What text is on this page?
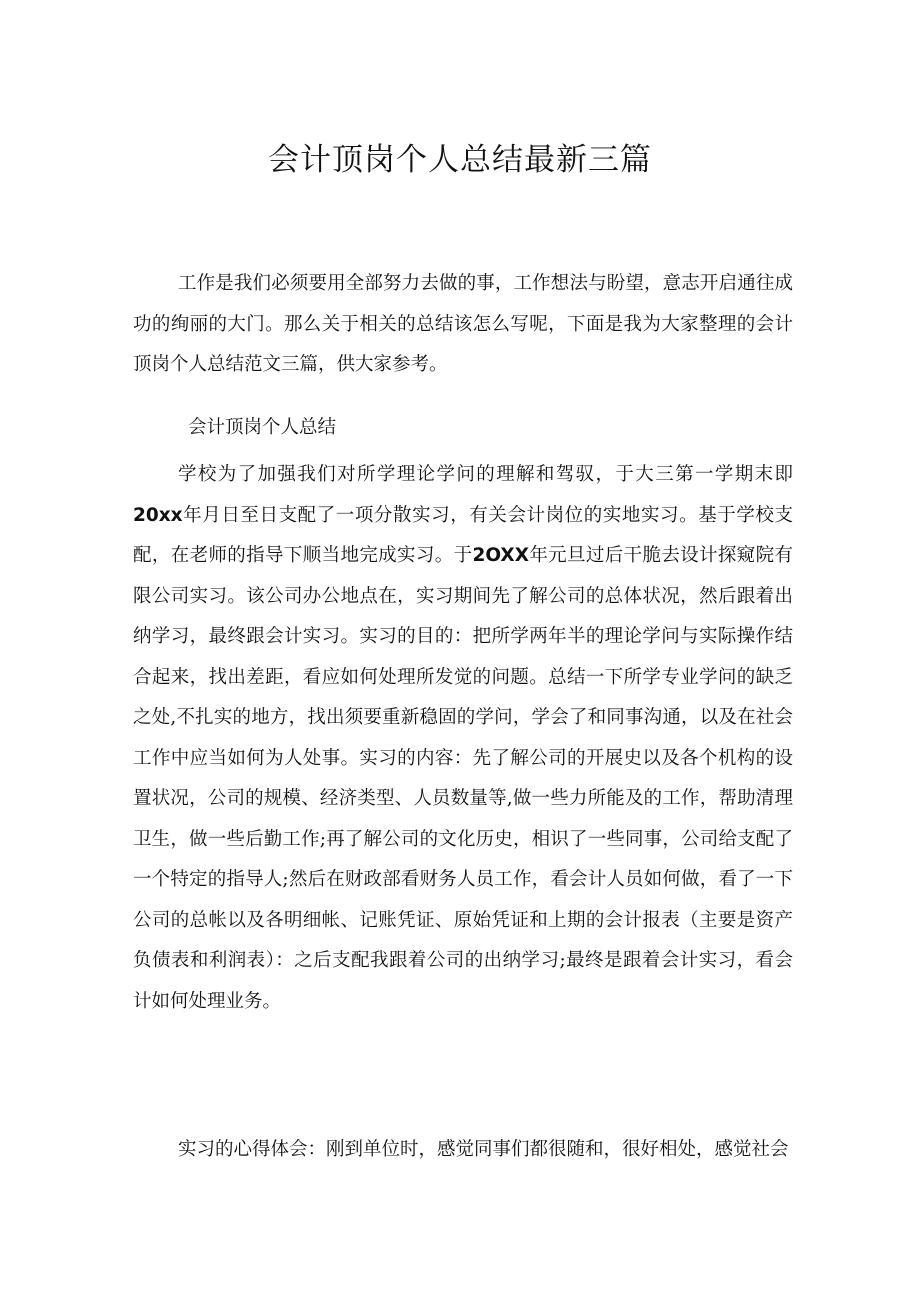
会计顶岗个人总结最新三篇

工作是我们必须要用全部努力去做的事，工作想法与盼望，意志开启通往成功的绚丽的大门。那么关于相关的总结该怎么写呢，下面是我为大家整理的会计顶岗个人总结范文三篇，供大家参考。

会计顶岗个人总结

学校为了加强我们对所学理论学问的理解和驾驭，于大三第一学期末即20xx年月日至日支配了一项分散实习，有关会计岗位的实地实习。基于学校支配，在老师的指导下顺当地完成实习。于2OXX年元旦过后干脆去设计探窥院有限公司实习。该公司办公地点在，实习期间先了解公司的总体状况，然后跟着出纳学习，最终跟会计实习。实习的目的：把所学两年半的理论学问与实际操作结合起来，找出差距，看应如何处理所发觉的问题。总结一下所学专业学问的缺乏之处,不扎实的地方，找出须要重新稳固的学问，学会了和同事沟通，以及在社会工作中应当如何为人处事。实习的内容：先了解公司的开展史以及各个机构的设置状况，公司的规模、经济类型、人员数量等,做一些力所能及的工作，帮助清理卫生，做一些后勤工作;再了解公司的文化历史，相识了一些同事，公司给支配了一个特定的指导人;然后在财政部看财务人员工作，看会计人员如何做，看了一下公司的总帐以及各明细帐、记账凭证、原始凭证和上期的会计报表（主要是资产负债表和利润表）：之后支配我跟着公司的出纳学习;最终是跟着会计实习，看会计如何处理业务。

实习的心得体会：刚到单位时，感觉同事们都很随和，很好相处，感觉社会
